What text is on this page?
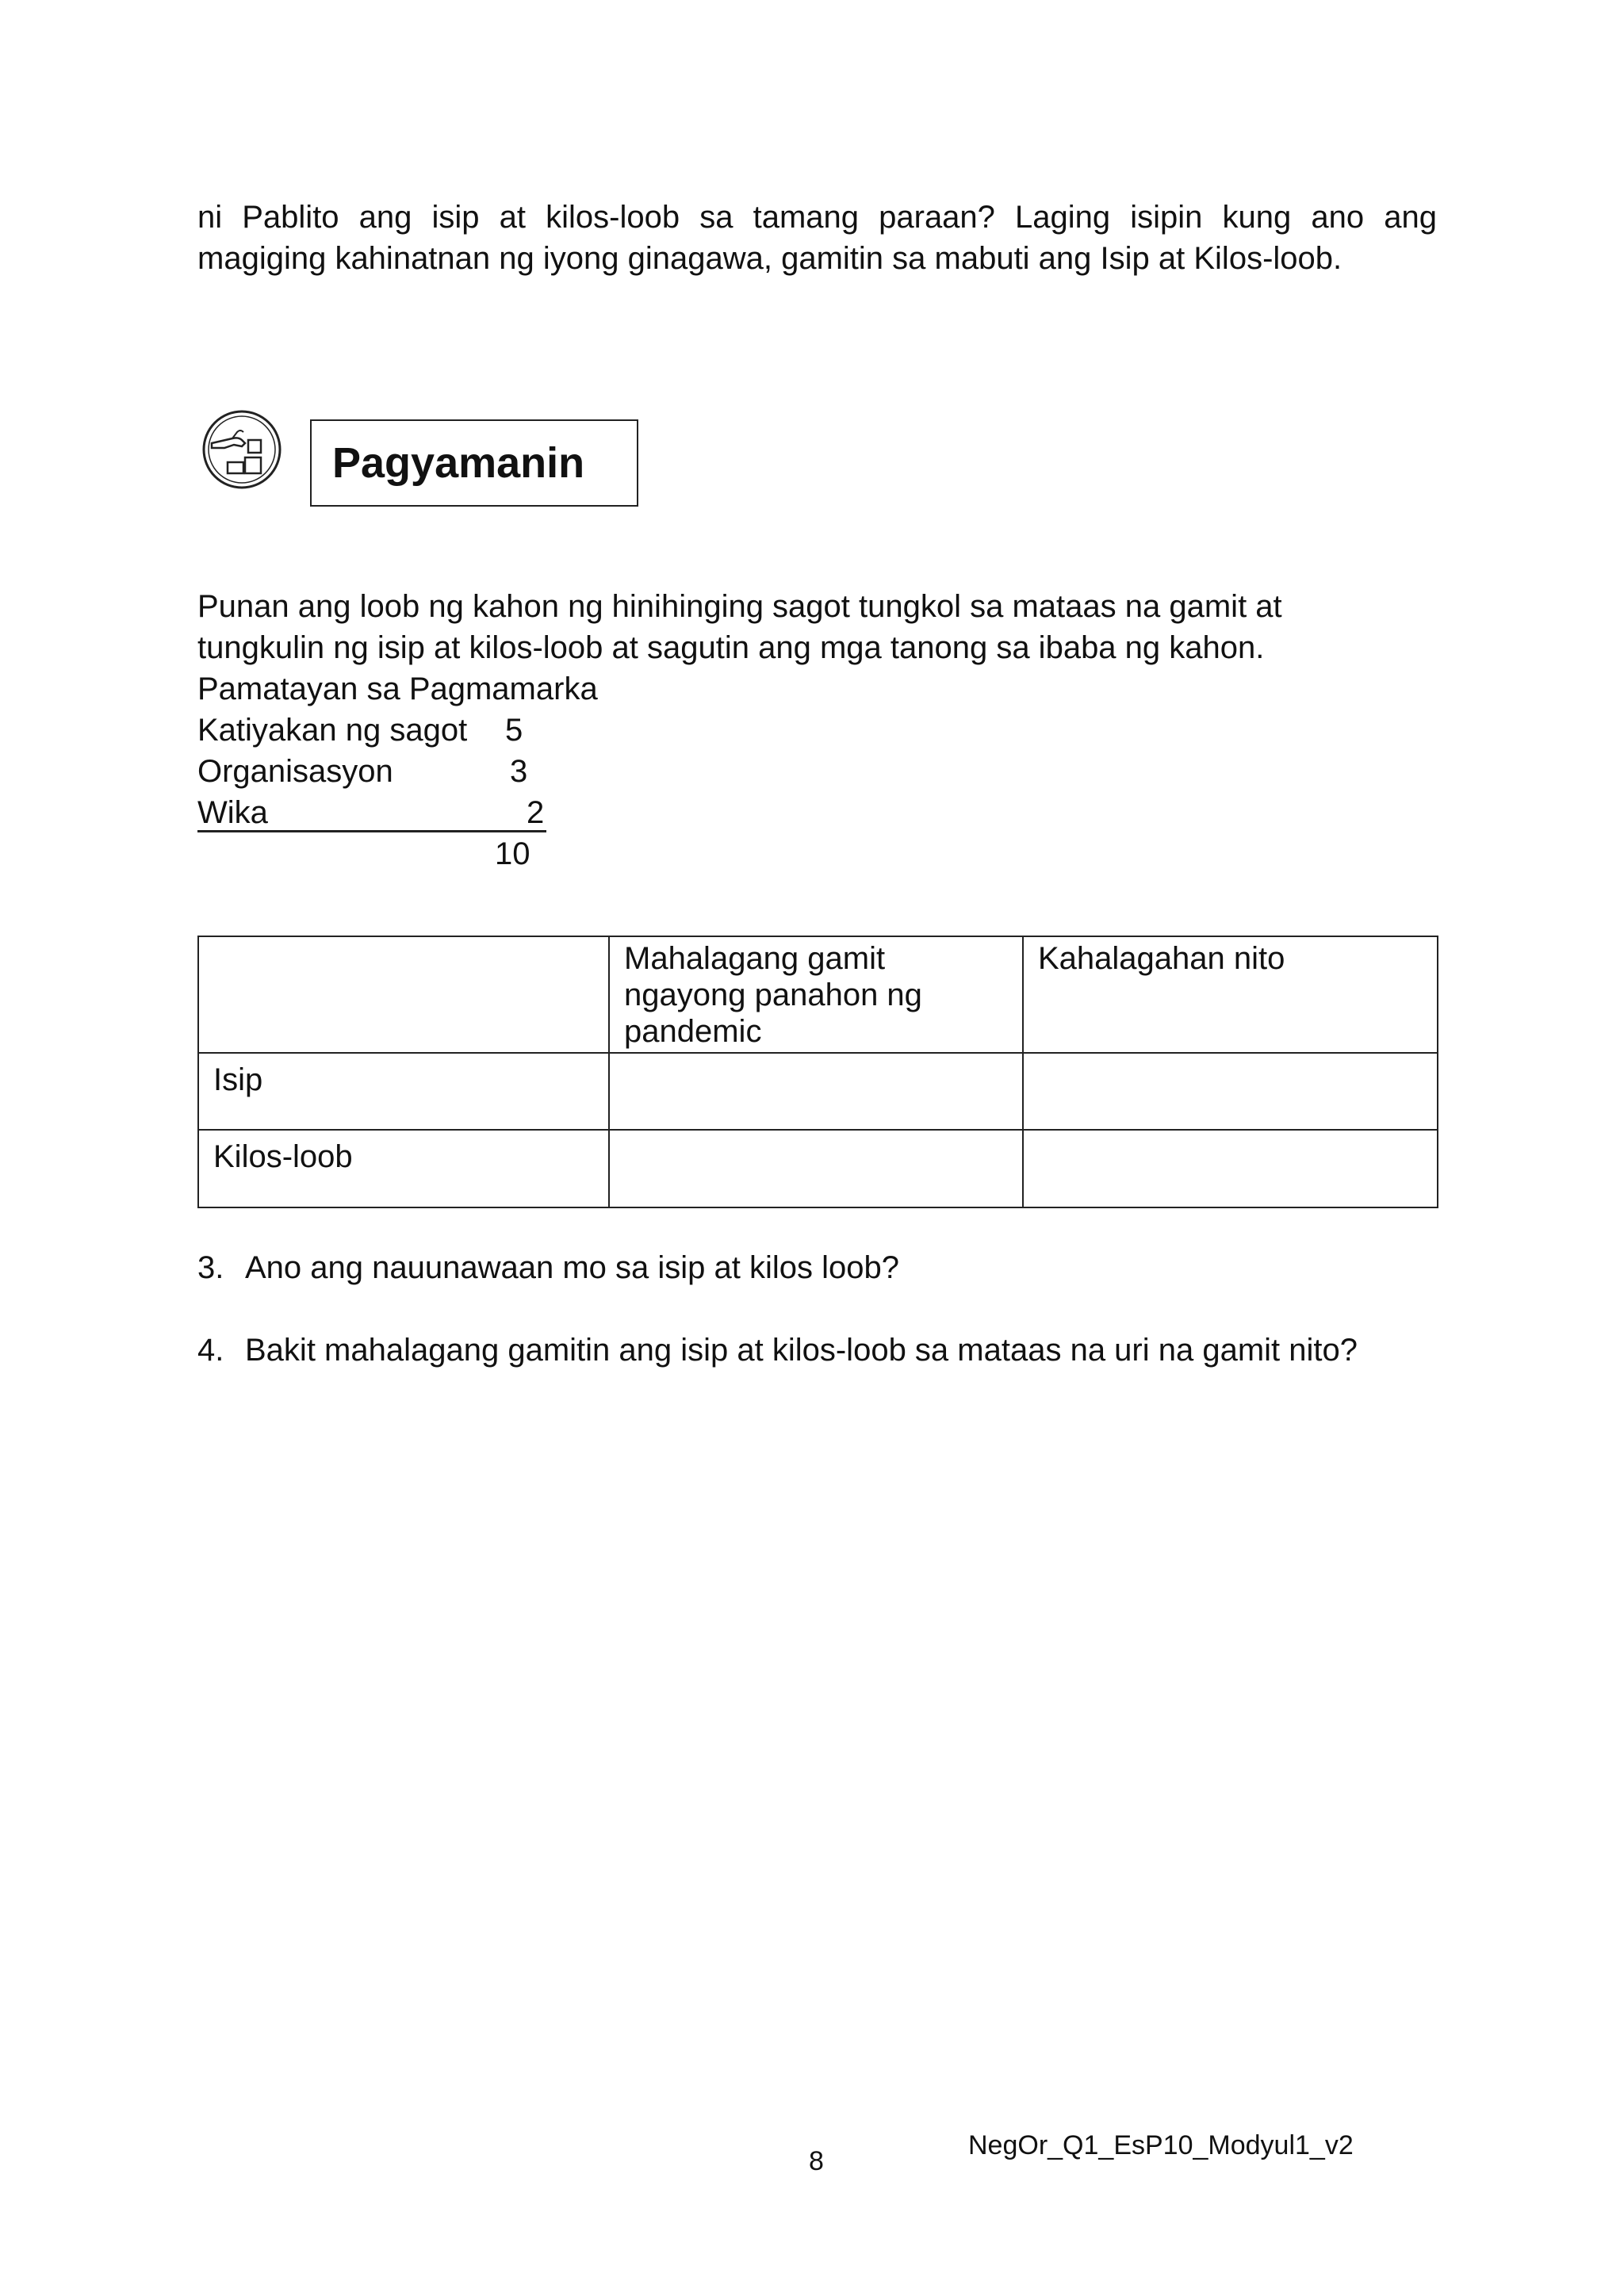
ni Pablito ang isip at kilos-loob sa tamang paraan? Laging isipin kung ano ang
magiging kahinatnan ng iyong ginagawa, gamitin sa mabuti ang Isip at Kilos-loob.
Pagyamanin
Punan ang loob ng kahon ng hinihinging sagot tungkol sa mataas na gamit at
tungkulin ng isip at kilos-loob at sagutin ang mga tanong sa ibaba ng kahon.
Pamatayan sa Pagmamarka
Katiyakan ng sagot 5
Organisasyon	3
Wika	2
10

	Mahalagang gamit
ngayong panahon ng
pandemic	Kahalagahan nito
Isip		
Kilos-loob		
3. Ano ang nauunawaan mo sa isip at kilos loob?
4. Bakit mahalagang gamitin ang isip at kilos-loob sa mataas na uri na gamit nito?
8
NegOr_Q1_EsP10_Modyul1_v2
